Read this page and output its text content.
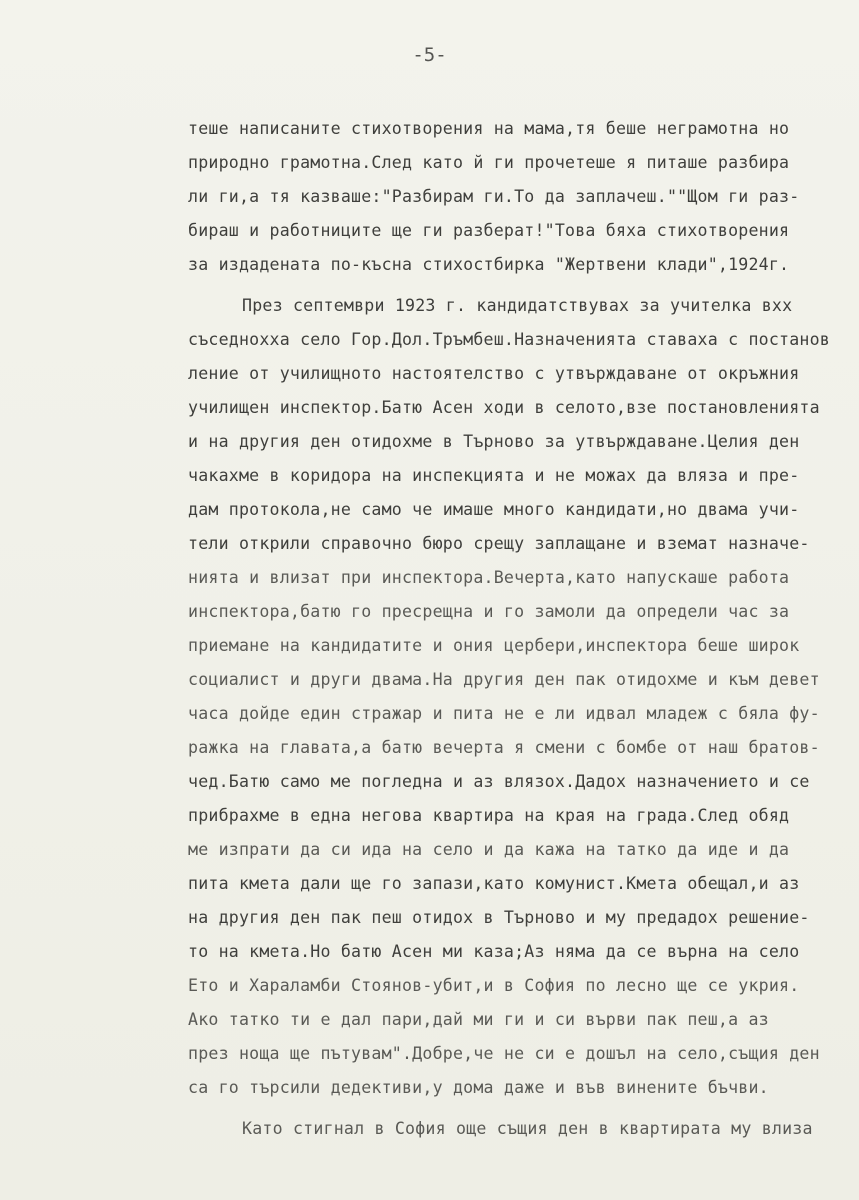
-5-
теше написаните стихотворения на мама,тя беше неграмотна но
природно грамотна.След като й ги прочетеше я питаше разбира
ли ги,а тя казваше:"Разбирам ги.То да заплачеш.""Щом ги раз-
бираш и работниците ще ги разберат!"Това бяха стихотворения
за издадената по-късна стихостбирка "Жертвени клади",1924г.
През септември 1923 г. кандидатствувах за учителка вхх
съседнохха село Гор.Дол.Тръмбеш.Назначенията ставаха с постанов
ление от училищното настоятелство с утвърждаване от окръжния
училищен инспектор.Батю Асен ходи в селото,взе постановленията
и на другия ден отидохме в Търново за утвърждаване.Целия ден
чакахме в коридора на инспекцията и не можах да вляза и пре-
дам протокола,не само че имаше много кандидати,но двама учи-
тели открили справочно бюро срещу заплащане и вземат назначе-
нията и влизат при инспектора.Вечерта,като напускаше работа
инспектора,батю го пресрещна и го замоли да определи час за
приемане на кандидатите и ония цербери,инспектора беше широк
социалист и други двама.На другия ден пак отидохме и към девет
часа дойде един стражар и пита не е ли идвал младеж с бяла фу-
ражка на главата,а батю вечерта я смени с бомбе от наш братов-
чед.Батю само ме погледна и аз влязох.Дадох назначението и се
прибрахме в една негова квартира на края на града.След обяд
ме изпрати да си ида на село и да кажа на татко да иде и да
пита кмета дали ще го запази,като комунист.Кмета обещал,и аз
на другия ден пак пеш отидох в Търново и му предадох решение-
то на кмета.Но батю Асен ми каза;Аз няма да се върна на село
Ето и Хараламби Стоянов-убит,и в София по лесно ще се укрия.
Ако татко ти е дал пари,дай ми ги и си върви пак пеш,а аз
през ноща ще пътувам".Добре,че не си е дошъл на село,същия ден
са го търсили дедективи,у дома даже и във винените бъчви.
Като стигнал в София още същия ден в квартирата му влиза
